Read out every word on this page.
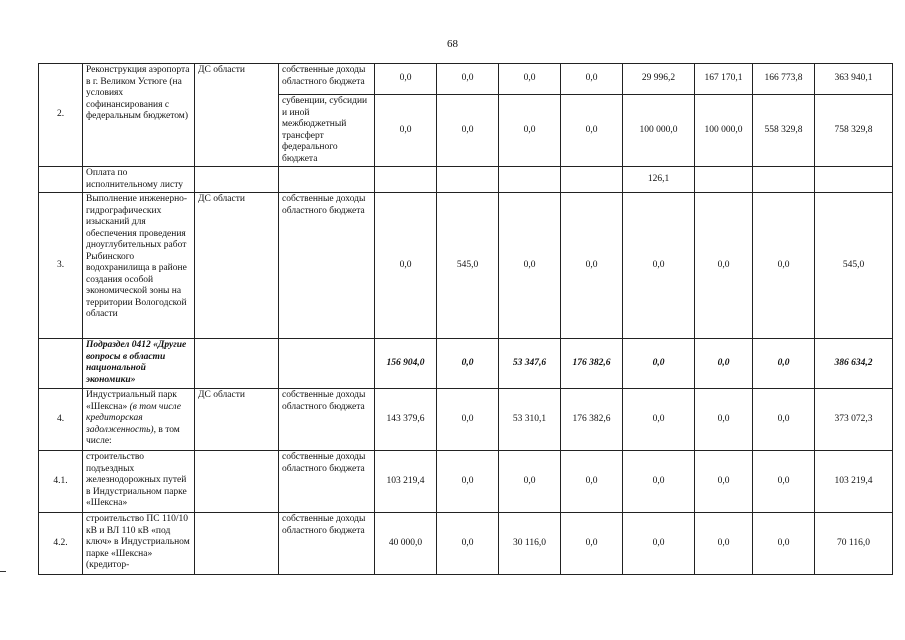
68
2.	Реконструкция аэропорта в г. Великом Устюге (на условиях софинансирования с федеральным бюджетом)	ДС области	собственные доходы областного бюджета	0,0	0,0	0,0	0,0	29 996,2	167 170,1	166 773,8	363 940,1
			субвенции, субсидии и иной межбюджетный трансферт федерального бюджета	0,0	0,0	0,0	0,0	100 000,0	100 000,0	558 329,8	758 329,8
	Оплата по исполнительному листу							126,1			
3.	Выполнение инженерно-гидрографических изысканий для обеспечения проведения дноуглубительных работ Рыбинского водохранилища в районе создания особой экономической зоны на территории Вологодской области	ДС области	собственные доходы областного бюджета	0,0	545,0	0,0	0,0	0,0	0,0	0,0	545,0
	Подраздел 0412 «Другие вопросы в области национальной экономики»			156 904,0	0,0	53 347,6	176 382,6	0,0	0,0	0,0	386 634,2
4.	Индустриальный парк «Шексна» (в том числе кредиторская задолженность), в том числе:	ДС области	собственные доходы областного бюджета	143 379,6	0,0	53 310,1	176 382,6	0,0	0,0	0,0	373 072,3
4.1.	строительство подъездных железнодорожных путей в Индустриальном парке «Шексна»		собственные доходы областного бюджета	103 219,4	0,0	0,0	0,0	0,0	0,0	0,0	103 219,4
4.2.	строительство ПС 110/10 кВ и ВЛ 110 кВ «под ключ» в Индустриальном парке «Шексна» (кредитор-		собственные доходы областного бюджета	40 000,0	0,0	30 116,0	0,0	0,0	0,0	0,0	70 116,0
